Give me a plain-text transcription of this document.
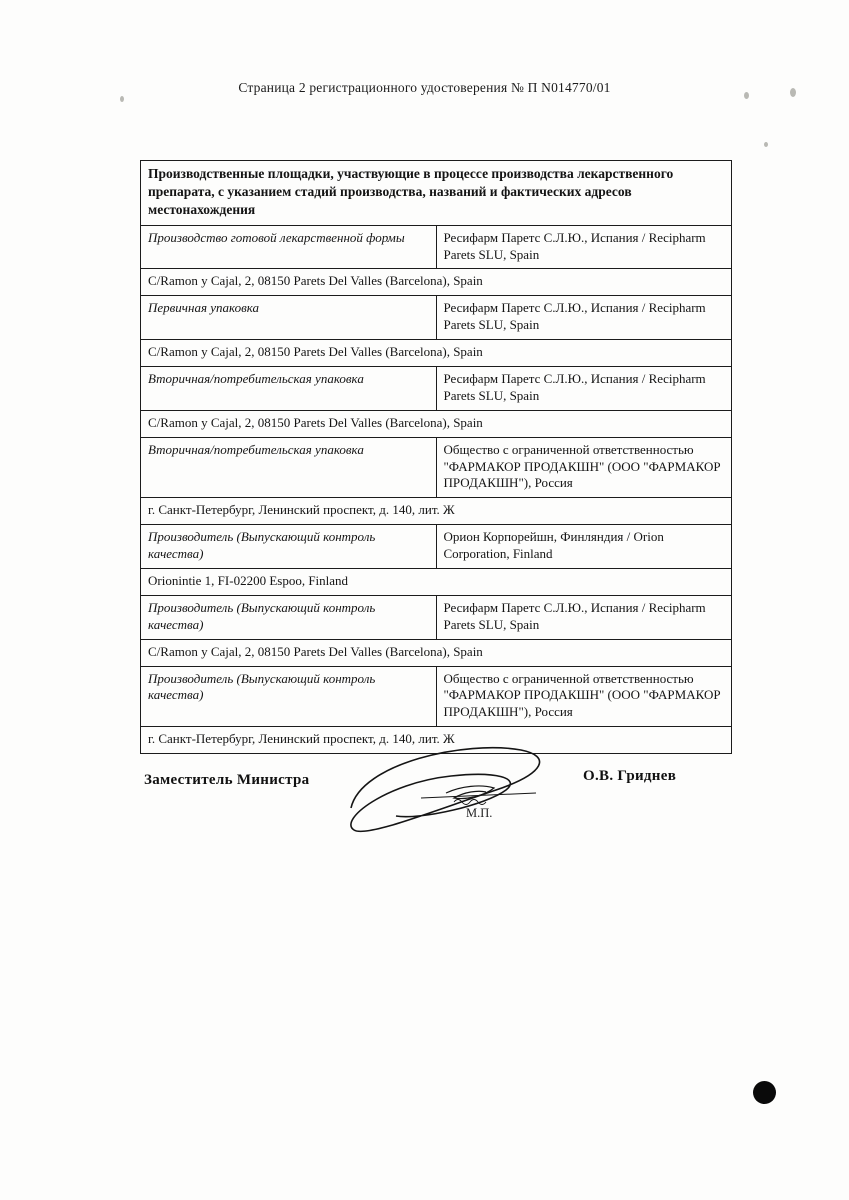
Страница 2 регистрационного удостоверения № П N014770/01
Производственные площадки, участвующие в процессе производства лекарственного препарата, с указанием стадий производства, названий и фактических адресов местонахождения	
Производство готовой лекарственной формы	Ресифарм Паретс С.Л.Ю., Испания / Recipharm Parets SLU, Spain
C/Ramon y Cajal, 2, 08150 Parets Del Valles (Barcelona), Spain	
Первичная упаковка	Ресифарм Паретс С.Л.Ю., Испания / Recipharm Parets SLU, Spain
C/Ramon y Cajal, 2, 08150 Parets Del Valles (Barcelona), Spain	
Вторичная/потребительская упаковка	Ресифарм Паретс С.Л.Ю., Испания / Recipharm Parets SLU, Spain
C/Ramon y Cajal, 2, 08150 Parets Del Valles (Barcelona), Spain	
Вторичная/потребительская упаковка	Общество с ограниченной ответственностью "ФАРМАКОР ПРОДАКШН" (ООО "ФАРМАКОР ПРОДАКШН"), Россия
г. Санкт-Петербург, Ленинский проспект, д. 140, лит. Ж	
Производитель (Выпускающий контроль качества)	Орион Корпорейшн, Финляндия / Orion Corporation, Finland
Orionintie 1, FI-02200 Espoo, Finland	
Производитель (Выпускающий контроль качества)	Ресифарм Паретс С.Л.Ю., Испания / Recipharm Parets SLU, Spain
C/Ramon y Cajal, 2, 08150 Parets Del Valles (Barcelona), Spain	
Производитель (Выпускающий контроль качества)	Общество с ограниченной ответственностью "ФАРМАКОР ПРОДАКШН" (ООО "ФАРМАКОР ПРОДАКШН"), Россия
г. Санкт-Петербург, Ленинский проспект, д. 140, лит. Ж	
Заместитель Министра
М.П.
О.В. Гриднев
